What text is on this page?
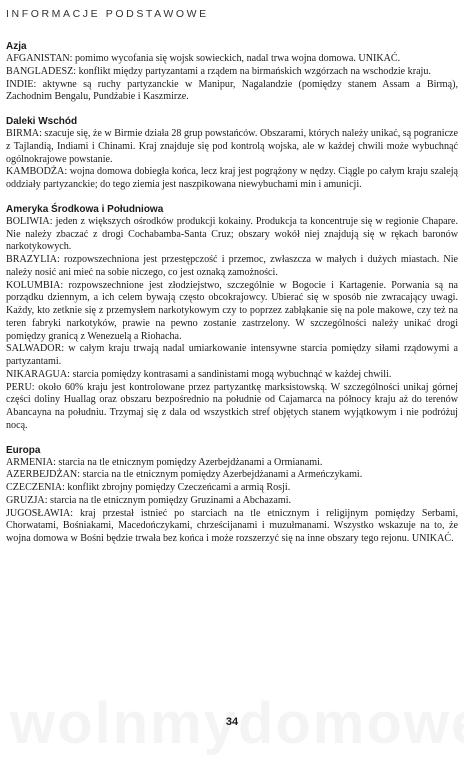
INFORMACJE PODSTAWOWE
Azja

AFGANISTAN: pomimo wycofania się wojsk sowieckich, nadal trwa wojna domowa. UNIKAĆ.

BANGLADESZ: konflikt między partyzantami a rządem na birmańskich wzgórzach na wschodzie kraju.

INDIE: aktywne są ruchy partyzanckie w Manipur, Nagalandzie (pomiędzy stanem Assam a Birmą), Zachodnim Bengalu, Pundżabie i Kaszmirze.

Daleki Wschód

BIRMA: szacuje się, że w Birmie działa 28 grup powstańców. Obszarami, których należy unikać, są pogranicze z Tajlandią, Indiami i Chinami. Kraj znajduje się pod kontrolą wojska, ale w każdej chwili może wybuchnąć ogólnokrajowe powstanie.

KAMBODŻA: wojna domowa dobiegła końca, lecz kraj jest pogrążony w nędzy. Ciągle po całym kraju szaleją oddziały partyzanckie; do tego ziemia jest naszpikowana niewybuchami min i amunicji.

Ameryka Środkowa i Południowa

BOLIWIA: jeden z większych ośrodków produkcji kokainy. Produkcja ta koncentruje się w regionie Chapare. Nie należy zbaczać z drogi Cochabamba-Santa Cruz; obszary wokół niej znajdują się w rękach baronów narkotykowych.

BRAZYLIA: rozpowszechniona jest przestępczość i przemoc, zwłaszcza w małych i dużych miastach. Nie należy nosić ani mieć na sobie niczego, co jest oznaką zamożności.

KOLUMBIA: rozpowszechnione jest złodziejstwo, szczególnie w Bogocie i Kartagenie. Porwania są na porządku dziennym, a ich celem bywają często obcokrajowcy. Ubierać się w sposób nie zwracający uwagi. Każdy, kto zetknie się z przemysłem narkotykowym czy to poprzez zabłąkanie się na pole makowe, czy też na teren fabryki narkotyków, prawie na pewno zostanie zastrzelony. W szczególności należy unikać drogi pomiędzy granicą z Wenezuelą a Riohacha.

SALWADOR: w całym kraju trwają nadal umiarkowanie intensywne starcia pomiędzy siłami rządowymi a partyzantami.

NIKARAGUA: starcia pomiędzy kontrasami a sandinistami mogą wybuchnąć w każdej chwili.

PERU: około 60% kraju jest kontrolowane przez partyzantkę marksistowską. W szczególności unikaj górnej części doliny Huallag oraz obszaru bezpośrednio na południe od Cajamarca na północy kraju aż do terenów Abancayna na południu. Trzymaj się z dala od wszystkich stref objętych stanem wyjątkowym i nie podróżuj nocą.

Europa

ARMENIA: starcia na tle etnicznym pomiędzy Azerbejdżanami a Ormianami.

AZERBEJDŻAN: starcia na tle etnicznym pomiędzy Azerbejdżanami a Armeńczykami.

CZECZENIA: konflikt zbrojny pomiędzy Czeczeńcami a armią Rosji.

GRUZJA: starcia na tle etnicznym pomiędzy Gruzinami a Abchazami.

JUGOSŁAWIA: kraj przestał istnieć po starciach na tle etnicznym i religijnym pomiędzy Serbami, Chorwatami, Bośniakami, Macedończykami, chrześcijanami i muzułmanami. Wszystko wskazuje na to, że wojna domowa w Bośni będzie trwała bez końca i może rozszerzyć się na inne obszary tego rejonu. UNIKAĆ.

34
